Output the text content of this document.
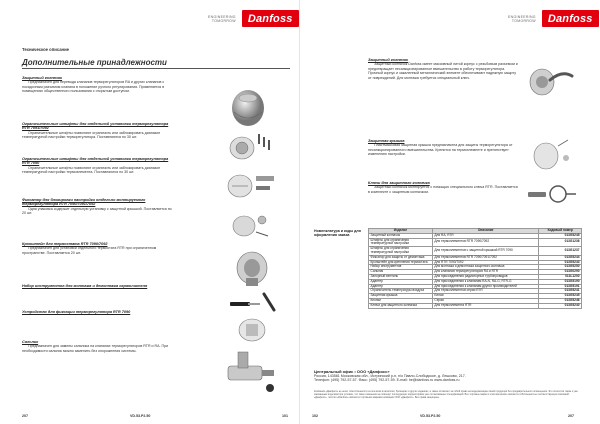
ENGINEERING
TOMORROW	Danfoss
Техническое описание
Дополнительные принадлежности
Защитный колпачок
Предназначен для перевода клапанов терморегуляторов RA и других клапанов с посадочным разъемом клапана в положение ручного регулирования. Применяется в помещениях общественного пользования с открытым доступом.
Ограничительные штифты для отдельной установки терморегулятора RTR 7091/7092
Ограничительные штифты позволяют ограничить или заблокировать диапазон температурной настройки терморегулятора. Поставляются по 30 шт.
Ограничительные штифты для отдельной установки терморегулятора RTR 7090
Ограничительные штифты позволяют ограничить или заблокировать диапазон температурной настройки термоэлемента. Поставляются по 30 шт.
Фиксатор для блокировки настройки отдельно монтируемого терморегулятора RTR 7090/7091/7092
Одна упаковка содержит отдельную установку с защитной крышкой. Поставляется по 20 шт.
Кронштейн для термостата RTR 7090/7092
Предназначен для установки отдельного термостата RTR при ограниченном пространстве. Поставляется 20 шт.
Набор инструментов для монтажа и демонтажа ограничителя
Устройство для фиксации терморегулятора RTR 7090
Сальник
Предназначен для замены сальника на клапанах терморегуляторов RTR и RA. При необходимости сальник можно заменить без опорожнения системы.
207	VD.53.P2.50	101
ENGINEERING
TOMORROW	Danfoss
Защитный колпачок
Защитный колпачок Danfoss имеет массивный литой корпус с резьбовым разъемом и предотвращает несанкционированное вмешательство в работу терморегулятора. Прочный корпус и закаленный металлический элемент обеспечивают надежную защиту от повреждений. Для монтажа требуется специальный ключ.
Защитная крышка
Пластмассовая защитная крышка предназначена для защиты терморегулятора от несанкционированного вмешательства. Крепится на термоэлементе и препятствует изменению настройки.
Ключи для защитного колпачка
Защитный колпачок монтируется с помощью специального ключа RTR. Поставляется в комплекте с защитным колпачком.
Номенклатура и коды для оформления заказа
Изделие	Описание	Кодовый номер
Защитный колпачок	Для RA, RTR	013G5245
Штифты для ограничения температурной настройки	Для термоэлементов RTR 7090/7092	013G1236
Штифты для ограничения температурной настройки	Для термоэлементов с защитной крышкой RTR 7090	013G1237
Фиксатор для защиты от демонтажа	Для термоэлементов RTR 7090/7091/7092	013G5244
Кронштейн для крепления термостата	Для RTR 7090/7092	013G5243
Набор инструментов	Для монтажа и демонтажа защитного колпачка	013G5250
Сальник	Для клапанов терморегуляторов RA и RTR	013G0290
Запорный вентиль	Для присоединения радиаторных трубопроводов	013L1200
Адаптер	Для присоединения к клапанам RA-N, RA-G, RTR-G	013G5190
Адаптер	Для присоединения к клапанам других производителей	013G5191
Ограничитель температуры воздуха	Для термоэлементов серии RTR	013G5241
Защитная крышка	Белая	013G5245
Кнопки	Серая	013G5246
Ключи для защитного колпачка	Для термоэлемента RTR	013G5240
Центральный офис • ООО «Данфосс»
Россия, 143581 Московская обл., Истринский р-н, п/о Павло-Слободское, д. Лешково, 217.
Телефон: (495) 792-57-57. Факс: (495) 792-57-59. E-mail: he@danfoss.ru www.danfoss.ru
Компания «Данфосс» не несет ответственности за опечатки в каталогах, брошюрах и других изданиях, а также оставляет за собой право на модернизацию своей продукции без предварительного оповещения. Это относится также к уже заказанным изделиям при условии, что такие изменения не повлекут последующих корректировок уже согласованных спецификаций. Все торговые марки в этом материале являются собственностью соответствующих компаний. «Данфосс», логотип «Danfoss» являются торговыми марками компании ООО «Данфосс». Все права защищены.
102	VD.53.P2.50	207
